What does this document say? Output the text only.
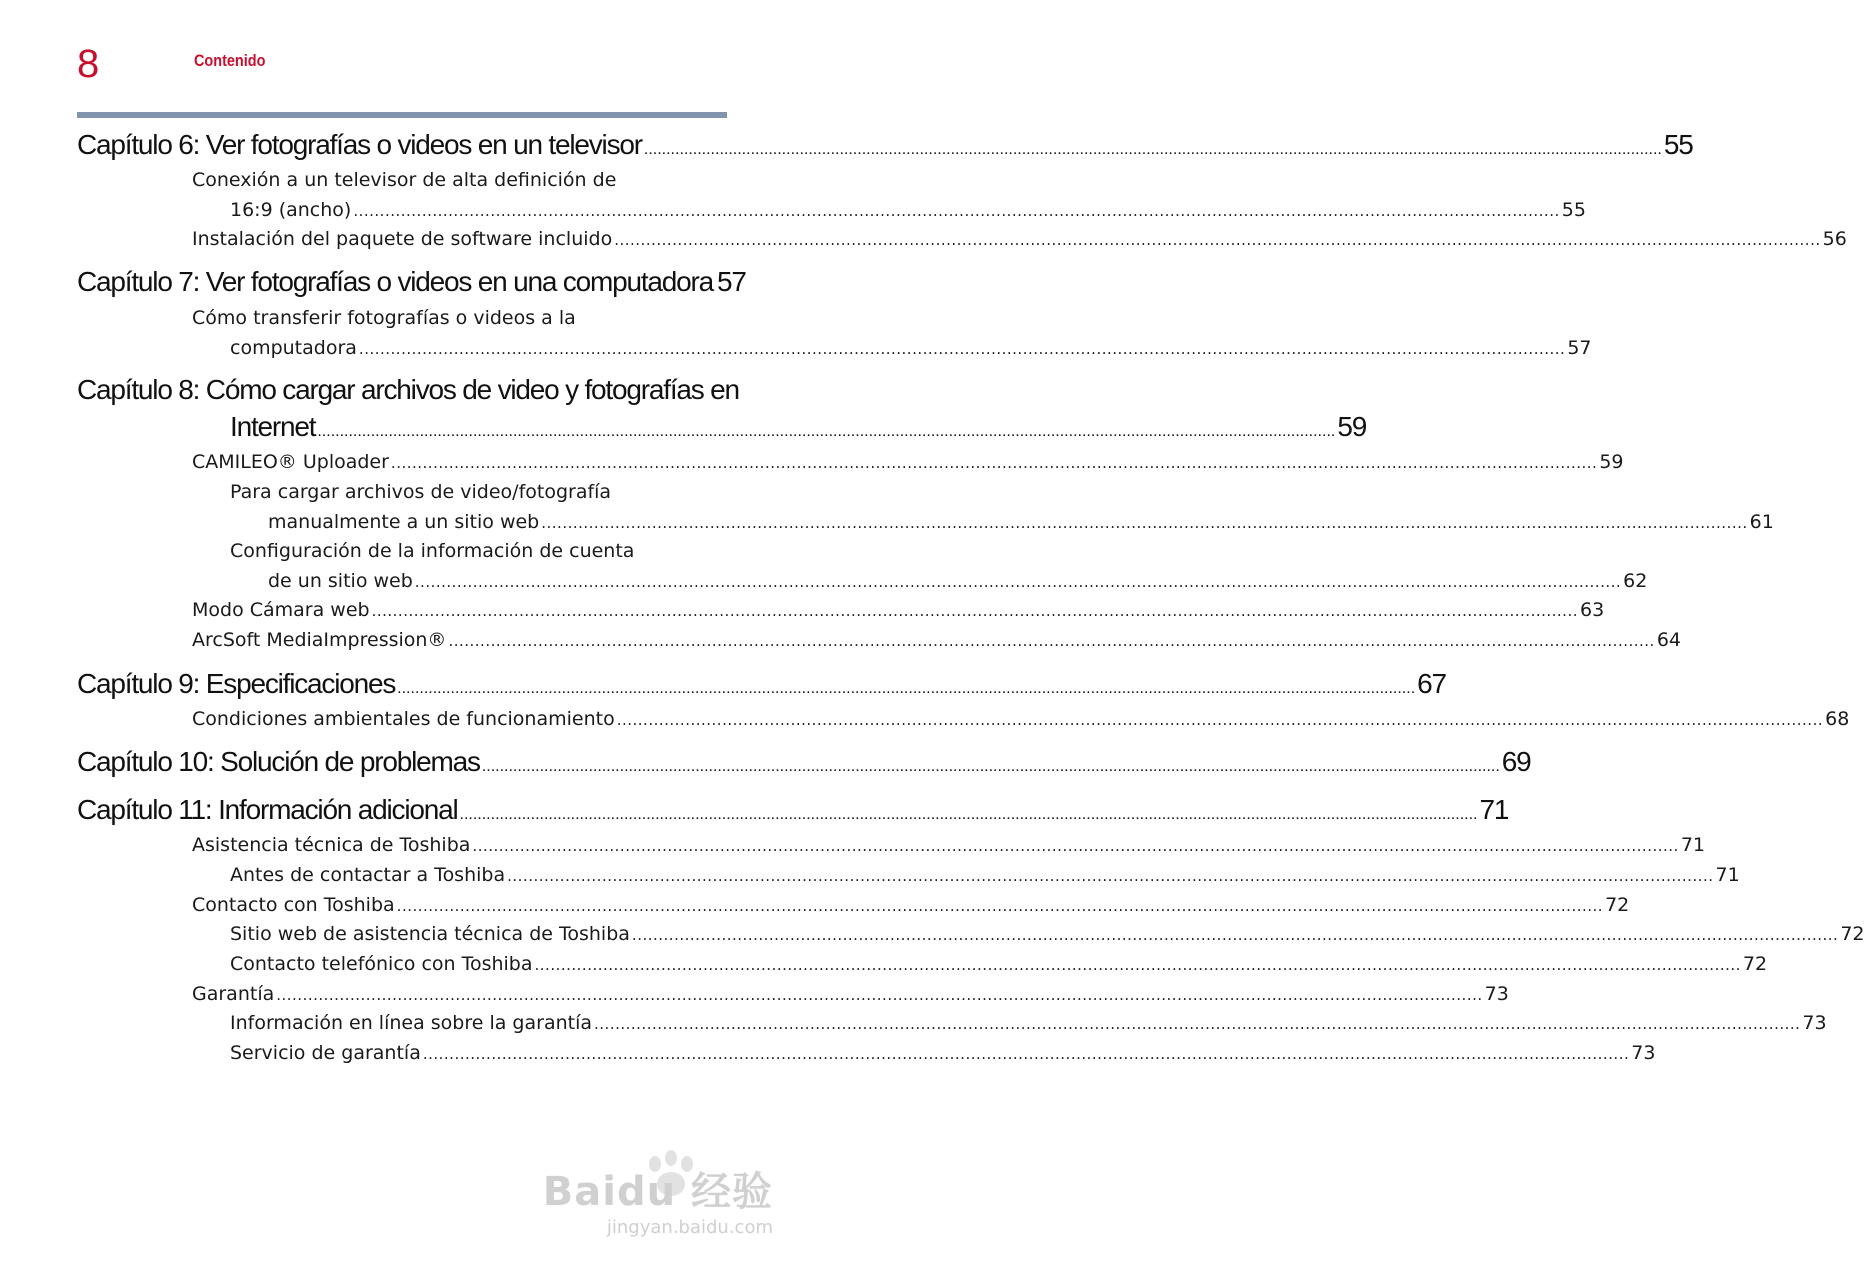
8	Contenido
Capítulo 6: Ver fotografías o videos en un televisor .....	55
Conexión a un televisor de alta definición de
16:9 (ancho) .....	55
Instalación del paquete de software incluido .....	56
Capítulo 7: Ver fotografías o videos en una computadora 57
Cómo transferir fotografías o videos a la
computadora .....	57
Capítulo 8: Cómo cargar archivos de video y fotografías en
Internet .....	59
CAMILEO® Uploader .....	59
Para cargar archivos de video/fotografía
manualmente a un sitio web .....	61
Configuración de la información de cuenta
de un sitio web .....	62
Modo Cámara web .....	63
ArcSoft MediaImpression® .....	64
Capítulo 9: Especificaciones .....	67
Condiciones ambientales de funcionamiento .....	68
Capítulo 10: Solución de problemas .....	69
Capítulo 11: Información adicional .....	71
Asistencia técnica de Toshiba .....	71
Antes de contactar a Toshiba .....	71
Contacto con Toshiba .....	72
Sitio web de asistencia técnica de Toshiba .....	72
Contacto telefónico con Toshiba .....	72
Garantía .....	73
Información en línea sobre la garantía .....	73
Servicio de garantía .....	73
Baidu 经验
jingyan.baidu.com
